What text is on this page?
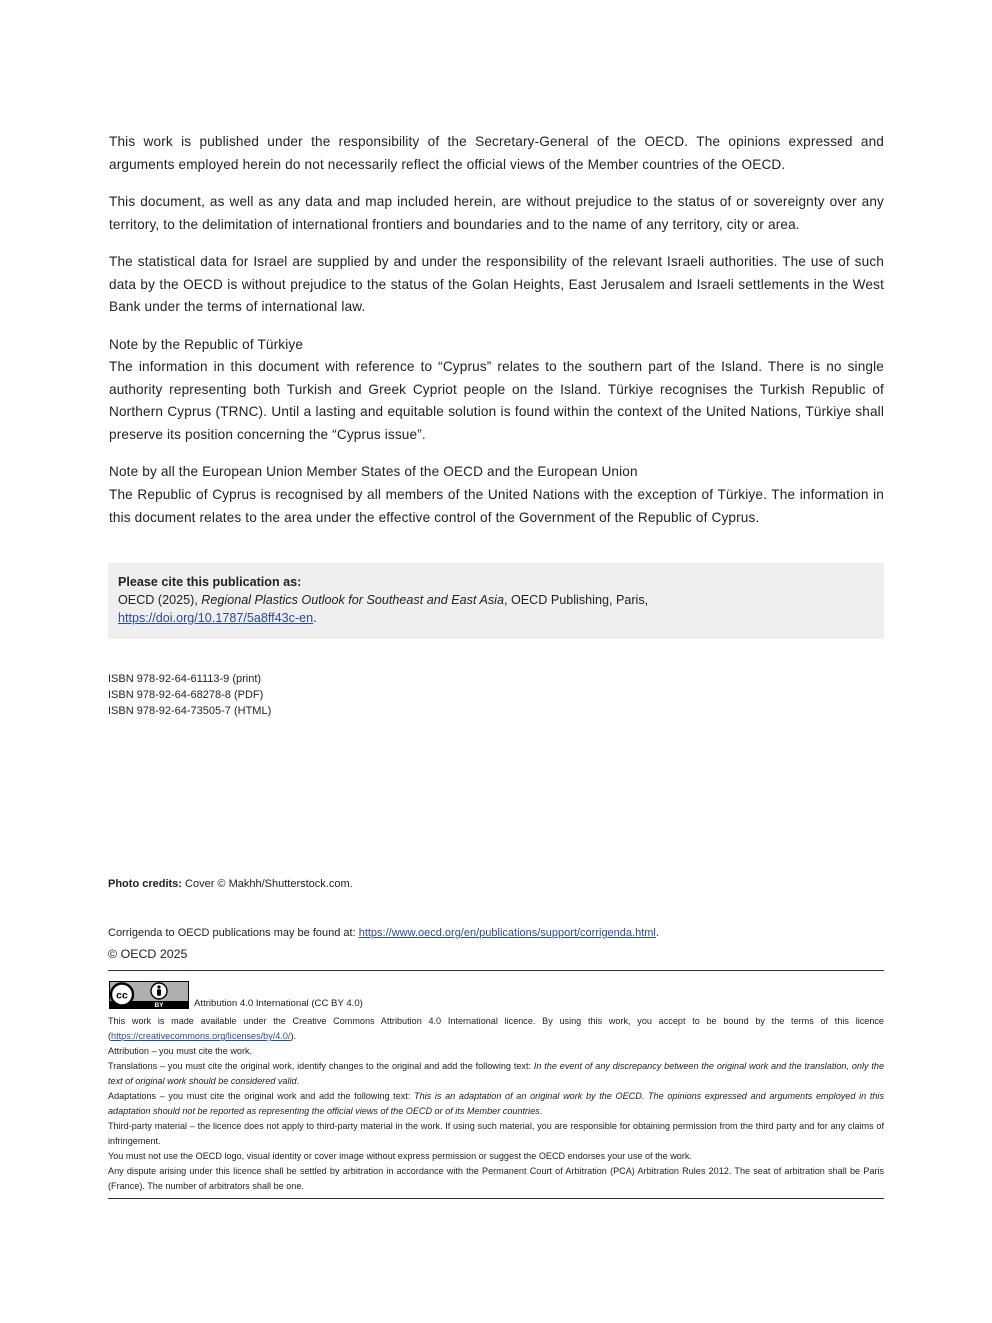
This work is published under the responsibility of the Secretary-General of the OECD. The opinions expressed and arguments employed herein do not necessarily reflect the official views of the Member countries of the OECD.

This document, as well as any data and map included herein, are without prejudice to the status of or sovereignty over any territory, to the delimitation of international frontiers and boundaries and to the name of any territory, city or area.

The statistical data for Israel are supplied by and under the responsibility of the relevant Israeli authorities. The use of such data by the OECD is without prejudice to the status of the Golan Heights, East Jerusalem and Israeli settlements in the West Bank under the terms of international law.

Note by the Republic of Türkiye

The information in this document with reference to “Cyprus” relates to the southern part of the Island. There is no single authority representing both Turkish and Greek Cypriot people on the Island. Türkiye recognises the Turkish Republic of Northern Cyprus (TRNC). Until a lasting and equitable solution is found within the context of the United Nations, Türkiye shall preserve its position concerning the “Cyprus issue”.

Note by all the European Union Member States of the OECD and the European Union

The Republic of Cyprus is recognised by all members of the United Nations with the exception of Türkiye. The information in this document relates to the area under the effective control of the Government of the Republic of Cyprus.

Please cite this publication as:
OECD (2025), Regional Plastics Outlook for Southeast and East Asia, OECD Publishing, Paris,
https://doi.org/10.1787/5a8ff43c-en.
ISBN 978-92-64-61113-9 (print)
ISBN 978-92-64-68278-8 (PDF)
ISBN 978-92-64-73505-7 (HTML)
Photo credits: Cover © Makhh/Shutterstock.com.
Corrigenda to OECD publications may be found at: https://www.oecd.org/en/publications/support/corrigenda.html.
© OECD 2025
cc
BY	Attribution 4.0 International (CC BY 4.0)

This work is made available under the Creative Commons Attribution 4.0 International licence. By using this work, you accept to be bound by the terms of this licence (https://creativecommons.org/licenses/by/4.0/).

Attribution – you must cite the work.

Translations – you must cite the original work, identify changes to the original and add the following text: In the event of any discrepancy between the original work and the translation, only the text of original work should be considered valid.

Adaptations – you must cite the original work and add the following text: This is an adaptation of an original work by the OECD. The opinions expressed and arguments employed in this adaptation should not be reported as representing the official views of the OECD or of its Member countries.

Third-party material – the licence does not apply to third-party material in the work. If using such material, you are responsible for obtaining permission from the third party and for any claims of infringement.

You must not use the OECD logo, visual identity or cover image without express permission or suggest the OECD endorses your use of the work.

Any dispute arising under this licence shall be settled by arbitration in accordance with the Permanent Court of Arbitration (PCA) Arbitration Rules 2012. The seat of arbitration shall be Paris (France). The number of arbitrators shall be one.
